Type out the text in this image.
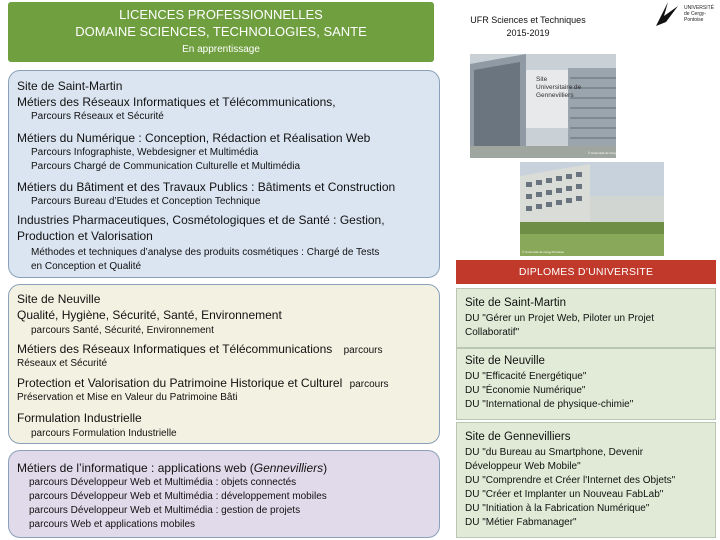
LICENCES PROFESSIONNELLES
DOMAINE SCIENCES, TECHNOLOGIES, SANTE
En apprentissage
UFR Sciences et Techniques
2015-2019
UNIVERSITÉ de Cergy-Pontoise
Site de Saint-Martin
Métiers des Réseaux Informatiques et Télécommunications,
Parcours Réseaux et Sécurité
Métiers du Numérique : Conception, Rédaction et Réalisation Web
Parcours Infographiste, Webdesigner et Multimédia
Parcours Chargé de Communication Culturelle et Multimédia
Métiers du Bâtiment et des Travaux Publics : Bâtiments et Construction
Parcours Bureau d’Etudes et Conception Technique
Industries Pharmaceutiques, Cosmétologiques et de Santé : Gestion,
Production et Valorisation
Méthodes et techniques d’analyse des produits cosmétiques : Chargé de Tests
en Conception et Qualité
Site de Neuville
Qualité, Hygiène, Sécurité, Santé, Environnement
parcours Santé, Sécurité, Environnement
Métiers des Réseaux Informatiques et Télécommunications parcours
Réseaux et Sécurité
Protection et Valorisation du Patrimoine Historique et Culturel parcours
Préservation et Mise en Valeur du Patrimoine Bâti
Formulation Industrielle
parcours Formulation Industrielle
Métiers de l’informatique : applications web (Gennevilliers)
parcours Développeur Web et Multimédia : objets connectés
parcours Développeur Web et Multimédia : développement mobiles
parcours Développeur Web et Multimédia : gestion de projets
parcours Web et applications mobiles
Site Universitaire de Gennevilliers
© Université de Cergy-Pontoise
© Université de Cergy-Pontoise
DIPLOMES D’UNIVERSITE
Site de Saint-Martin
DU "Gérer un Projet Web, Piloter un Projet
Collaboratif"
Site de Neuville
DU "Efficacité Energétique"
DU "Économie Numérique"
DU "International de physique-chimie"
Site de Gennevilliers
DU "du Bureau au Smartphone, Devenir
Développeur Web Mobile"
DU "Comprendre et Créer l'Internet des Objets"
DU "Créer et Implanter un Nouveau FabLab"
DU "Initiation à la Fabrication Numérique"
DU "Métier Fabmanager"
